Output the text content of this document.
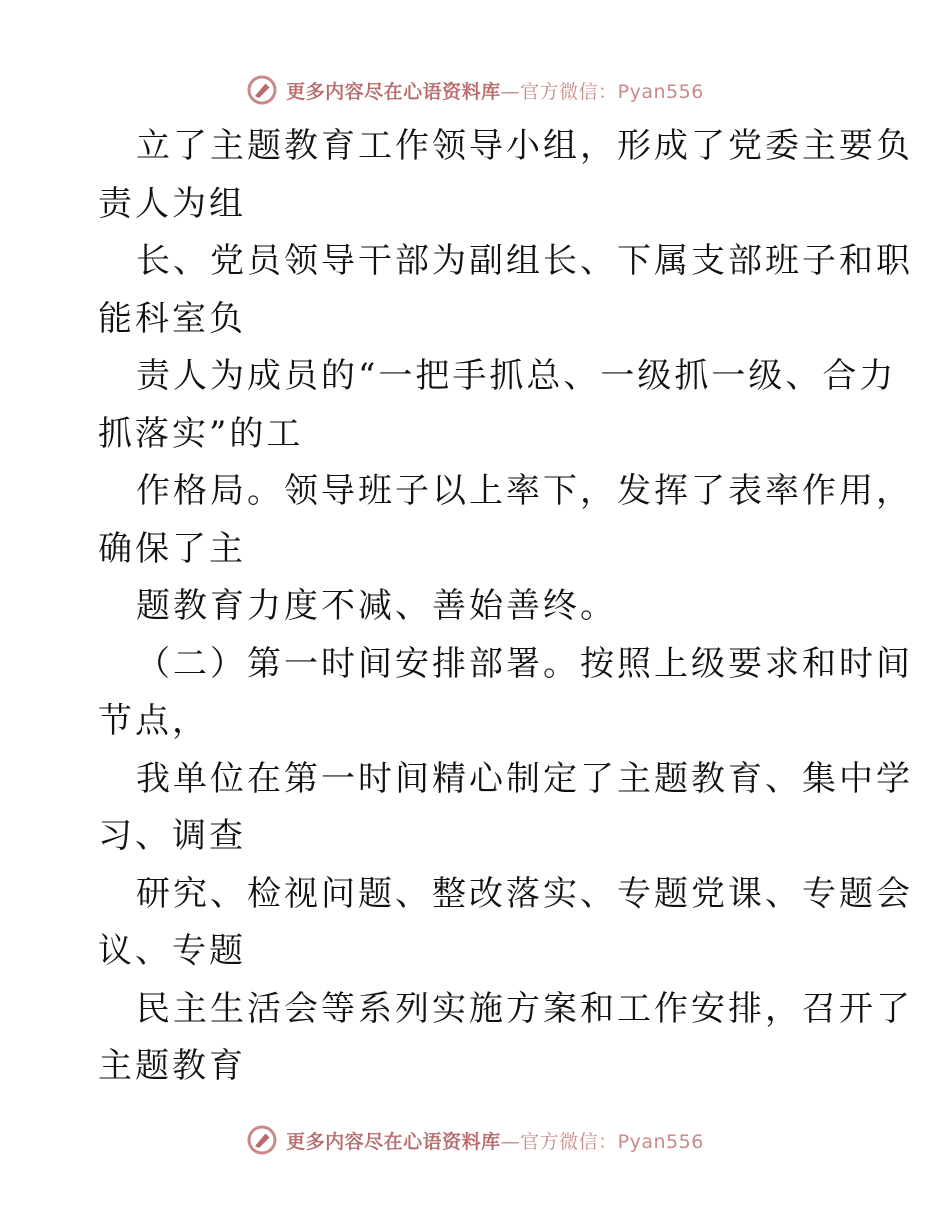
更多内容尽在心语资料库—官方微信：Pyan556
立了主题教育工作领导小组，形成了党委主要负
责人为组
长、党员领导干部为副组长、下属支部班子和职
能科室负
责人为成员的“一把手抓总、一级抓一级、合力
抓落实”的工
作格局。领导班子以上率下，发挥了表率作用，
确保了主
题教育力度不减、善始善终。
（二）第一时间安排部署。按照上级要求和时间
节点，
我单位在第一时间精心制定了主题教育、集中学
习、调查
研究、检视问题、整改落实、专题党课、专题会
议、专题
民主生活会等系列实施方案和工作安排，召开了
主题教育
更多内容尽在心语资料库—官方微信：Pyan556
